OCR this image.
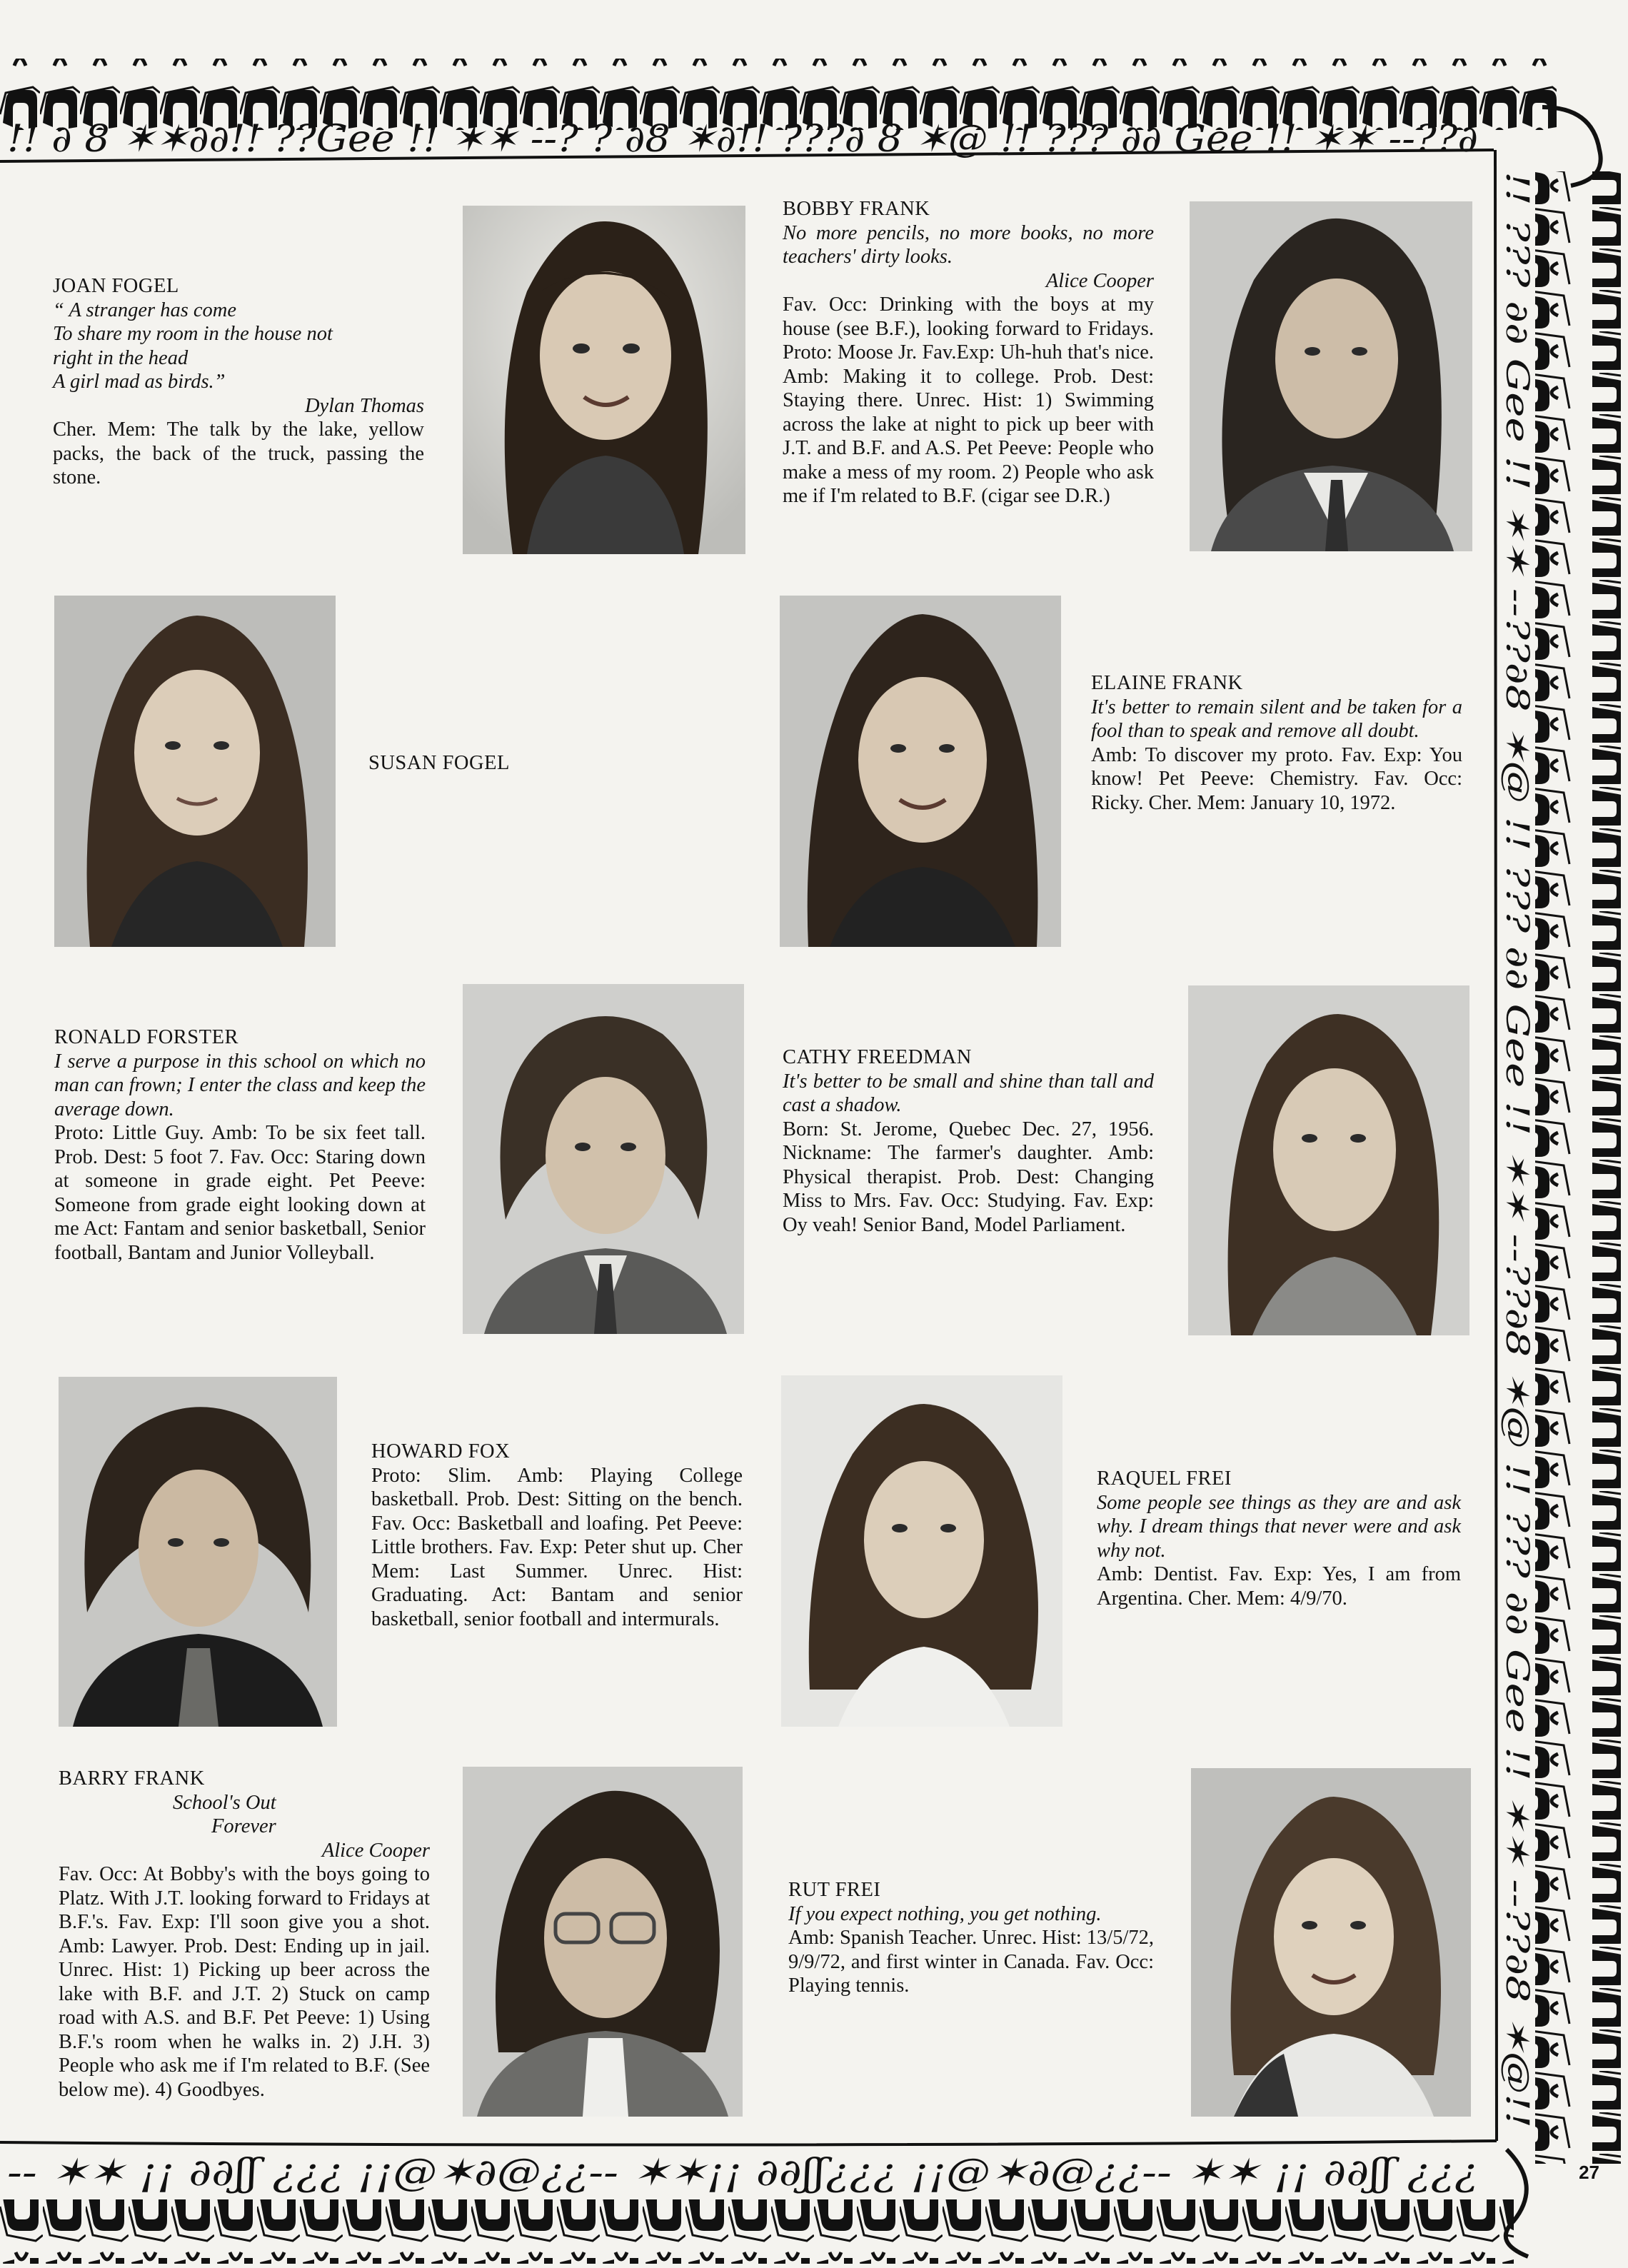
!! ∂ 8 ✶✶∂∂!! ??Gee !! ✶✶ --? ? ∂8 ✶∂!! ???∂ 8 ✶@ !! ??? ∂∂ Gee !! ✶✶ --??∂
-- ✶✶ ¡¡ ∂∂ʃʃ ¿¿¿ ¡¡@✶∂@¿¿-- ✶✶¡¡ ∂∂ʃʃ¿¿¿ ¡¡@✶∂@¿¿-- ✶✶ ¡¡ ∂∂ʃʃ ¿¿¿
!! ??? ∂∂ Gee !! ✶✶ --??∂8 ✶@ !! ??? ∂∂ Gee !! ✶✶ --??∂8 ✶@ !! ??? ∂∂ Gee !! ✶✶ --??∂8 ✶@!!
JOAN FOGEL
“ A stranger has come
To share my room in the house not
right in the head
A girl mad as birds.”
Dylan Thomas
Cher. Mem: The talk by the lake, yellow packs, the back of the truck, passing the stone.
BOBBY FRANK
No more pencils, no more books, no more teachers' dirty looks.
Alice Cooper
Fav. Occ: Drinking with the boys at my house (see B.F.), looking forward to Fridays. Proto: Moose Jr. Fav.Exp: Uh-huh that's nice. Amb: Making it to college. Prob. Dest: Staying there. Unrec. Hist: 1) Swimming across the lake at night to pick up beer with J.T. and B.F. and A.S. Pet Peeve: People who make a mess of my room. 2) People who ask me if I'm related to B.F. (cigar see D.R.)
SUSAN FOGEL
ELAINE FRANK
It's better to remain silent and be taken for a fool than to speak and remove all doubt.
Amb: To discover my proto. Fav. Exp: You know! Pet Peeve: Chemistry. Fav. Occ: Ricky. Cher. Mem: January 10, 1972.
RONALD FORSTER
I serve a purpose in this school on which no man can frown; I enter the class and keep the average down.
Proto: Little Guy. Amb: To be six feet tall. Prob. Dest: 5 foot 7. Fav. Occ: Staring down at someone in grade eight. Pet Peeve: Someone from grade eight looking down at me Act: Fantam and senior basketball, Senior football, Bantam and Junior Volleyball.
CATHY FREEDMAN
It's better to be small and shine than tall and cast a shadow.
Born: St. Jerome, Quebec Dec. 27, 1956. Nickname: The farmer's daughter. Amb: Physical therapist. Prob. Dest: Changing Miss to Mrs. Fav. Occ: Studying. Fav. Exp: Oy veah! Senior Band, Model Parliament.
HOWARD FOX
Proto: Slim. Amb: Playing College basketball. Prob. Dest: Sitting on the bench. Fav. Occ: Basketball and loafing. Pet Peeve: Little brothers. Fav. Exp: Peter shut up. Cher Mem: Last Summer. Unrec. Hist: Graduating. Act: Bantam and senior basketball, senior football and intermurals.
RAQUEL FREI
Some people see things as they are and ask why. I dream things that never were and ask why not.
Amb: Dentist. Fav. Exp: Yes, I am from Argentina. Cher. Mem: 4/9/70.
BARRY FRANK
School's Out
Forever
Alice Cooper
Fav. Occ: At Bobby's with the boys going to Platz. With J.T. looking forward to Fridays at B.F.'s. Fav. Exp: I'll soon give you a shot. Amb: Lawyer. Prob. Dest: Ending up in jail. Unrec. Hist: 1) Picking up beer across the lake with B.F. and J.T. 2) Stuck on camp road with A.S. and B.F. Pet Peeve: 1) Using B.F.'s room when he walks in. 2) J.H. 3) People who ask me if I'm related to B.F. (See below me). 4) Goodbyes.
RUT FREI
If you expect nothing, you get nothing.
Amb: Spanish Teacher. Unrec. Hist: 13/5/72, 9/9/72, and first winter in Canada. Fav. Occ: Playing tennis.
27
